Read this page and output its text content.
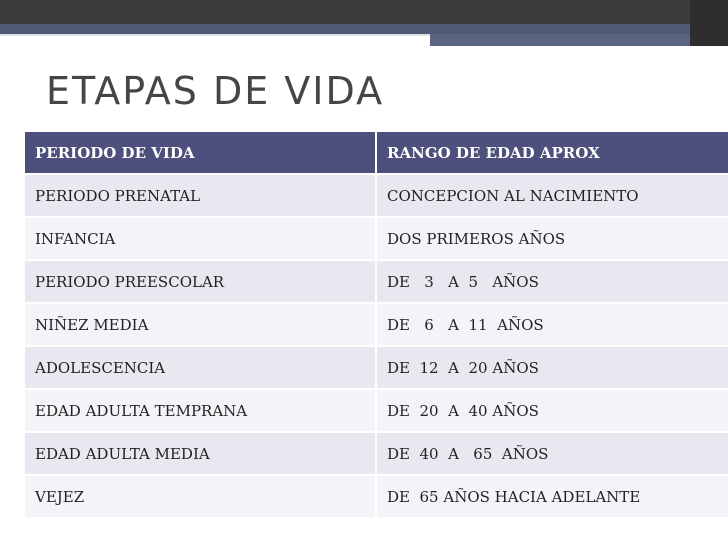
ETAPAS DE VIDA
PERIODO DE VIDA	RANGO DE EDAD APROX
PERIODO PRENATAL	CONCEPCION AL NACIMIENTO
INFANCIA	DOS PRIMEROS AÑOS
PERIODO PREESCOLAR	DE   3   A  5   AÑOS
NIÑEZ MEDIA	DE   6   A  11  AÑOS
ADOLESCENCIA	DE  12  A  20 AÑOS
EDAD ADULTA TEMPRANA	DE  20  A  40 AÑOS
EDAD ADULTA MEDIA	DE  40  A   65  AÑOS
VEJEZ	DE  65 AÑOS HACIA ADELANTE
